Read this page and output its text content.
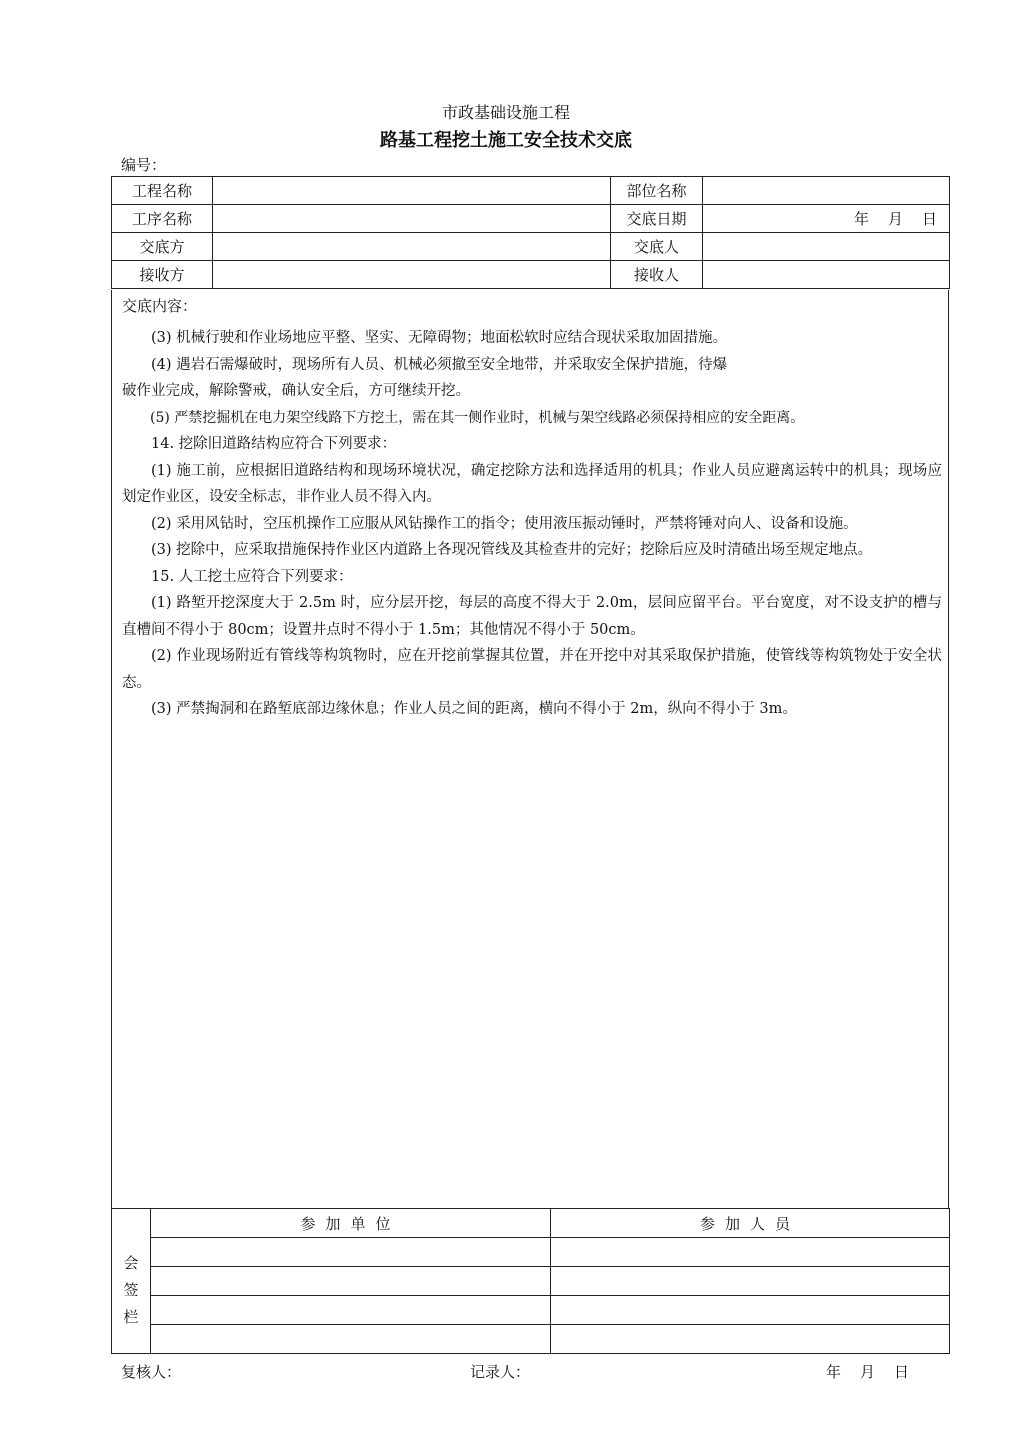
市政基础设施工程
路基工程挖土施工安全技术交底
编号：
工程名称		部位名称	
工序名称		交底日期	年　月　日
交底方		交底人	
接收方		接收人	
交底内容：

(3) 机械行驶和作业场地应平整、坚实、无障碍物；地面松软时应结合现状采取加固措施。

(4) 遇岩石需爆破时，现场所有人员、机械必须撤至安全地带，并采取安全保护措施，待爆

破作业完成，解除警戒，确认安全后，方可继续开挖。

(5) 严禁挖掘机在电力架空线路下方挖土，需在其一侧作业时，机械与架空线路必须保持相应的安全距离。

14. 挖除旧道路结构应符合下列要求：

(1) 施工前，应根据旧道路结构和现场环境状况，确定挖除方法和选择适用的机具；作业人员应避离运转中的机具；现场应划定作业区，设安全标志，非作业人员不得入内。

(2) 采用风钻时，空压机操作工应服从风钻操作工的指令；使用液压振动锤时，严禁将锤对向人、设备和设施。

(3) 挖除中，应采取措施保持作业区内道路上各现况管线及其检查井的完好；挖除后应及时清碴出场至规定地点。

15. 人工挖土应符合下列要求：

(1) 路堑开挖深度大于 2.5m 时，应分层开挖，每层的高度不得大于 2.0m，层间应留平台。平台宽度，对不设支护的槽与直槽间不得小于 80cm；设置井点时不得小于 1.5m；其他情况不得小于 50cm。

(2) 作业现场附近有管线等构筑物时，应在开挖前掌握其位置，并在开挖中对其采取保护措施，使管线等构筑物处于安全状态。

(3) 严禁掏洞和在路堑底部边缘休息；作业人员之间的距离，横向不得小于 2m，纵向不得小于 3m。

会
签
栏	参加单位	参加人员

复核人：	记录人：	年　月　日
